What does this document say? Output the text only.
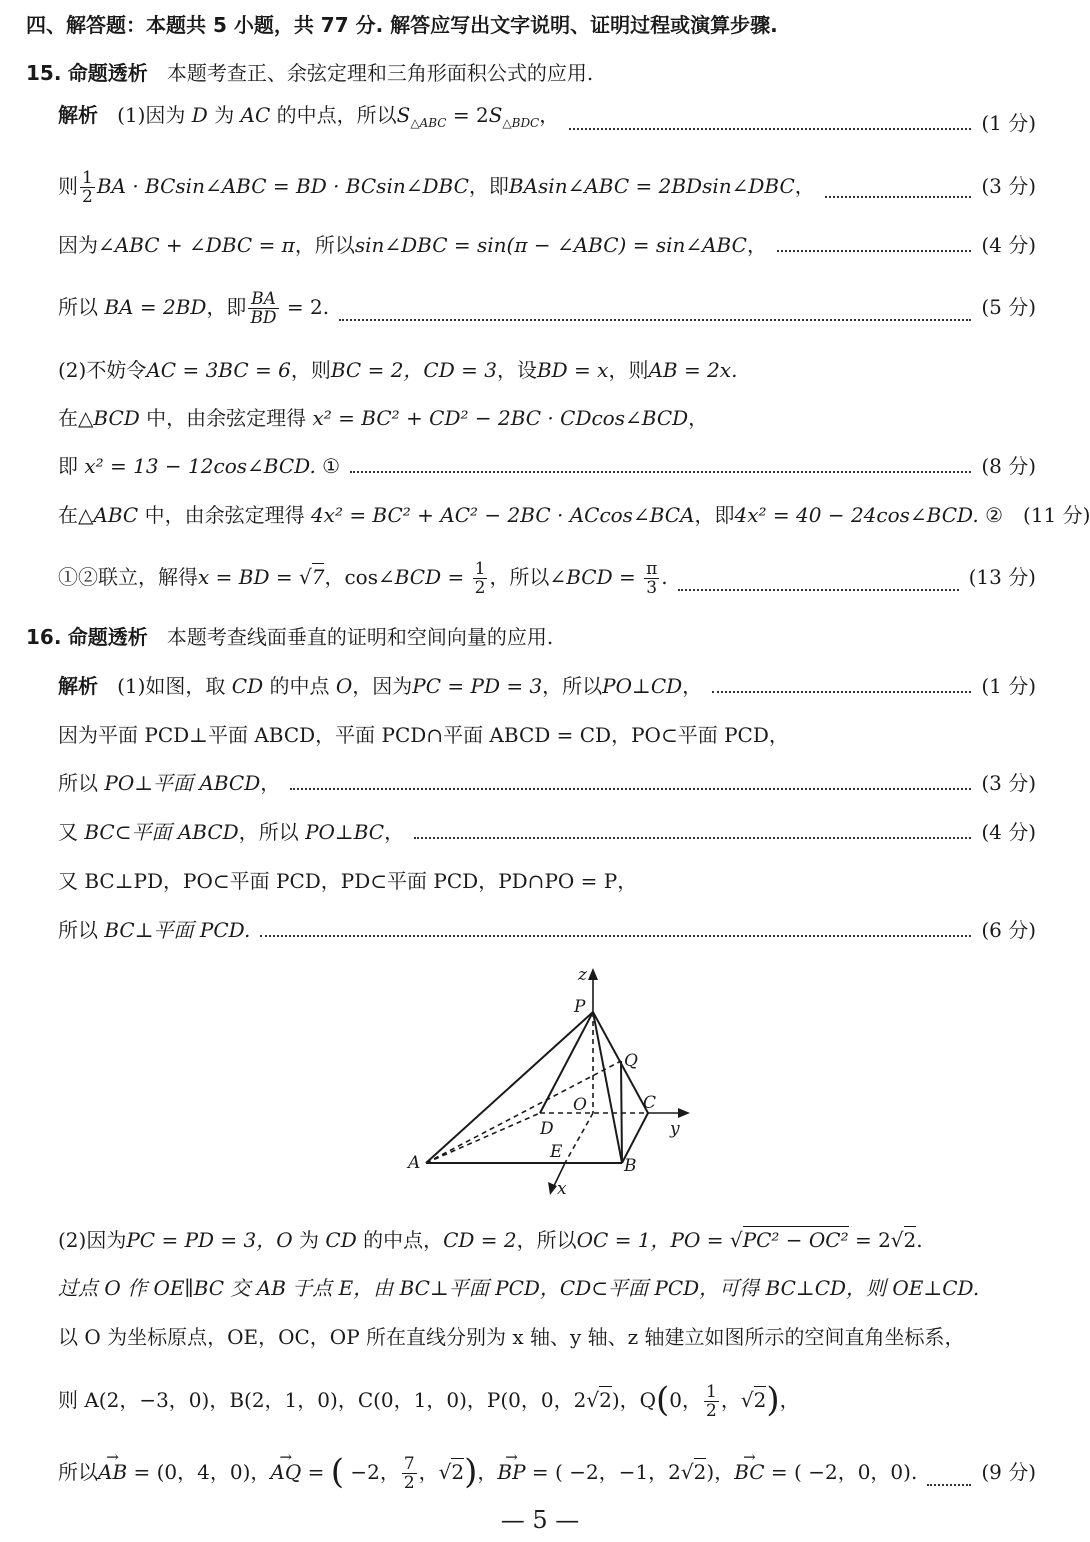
四、解答题：本题共 5 小题，共 77 分. 解答应写出文字说明、证明过程或演算步骤.
15. 命题透析 本题考查正、余弦定理和三角形面积公式的应用.
解析 (1)因为 D 为 AC 的中点，所以$S_{\triangle ABC} = 2S_{\triangle BDC}$，	(1 分)
则 $\frac{1}{2}$ BA · BCsin∠ABC = BD · BCsin∠DBC，即BAsin∠ABC = 2BDsin∠DBC，	(3 分)
因为∠ABC + ∠DBC = π，所以sin∠DBC = sin(π − ∠ABC) = sin∠ABC，	(4 分)
所以 BA = 2BD，即 $\frac{BA}{BD} = 2$.	(5 分)
(2)不妨令AC = 3BC = 6，则BC = 2，CD = 3，设BD = x，则AB = 2x.
在△BCD 中，由余弦定理得 x² = BC² + CD² − 2BC · CDcos∠BCD，
即 x² = 13 − 12cos∠BCD. ①	(8 分)
在△ABC 中，由余弦定理得 4x² = BC² + AC² − 2BC · ACcos∠BCA，即4x² = 40 − 24cos∠BCD. ② (11 分)
①②联立，解得x = BD = √7，cos∠BCD = $\frac{1}{2}$ ，所以∠BCD = $\frac{\pi}{3}$ .	(13 分)
16. 命题透析 本题考查线面垂直的证明和空间向量的应用.
解析 (1)如图，取 CD 的中点 O，因为PC = PD = 3，所以PO⊥CD，	(1 分)
因为平面 PCD⊥平面 ABCD，平面 PCD∩平面 ABCD = CD，PO⊂平面 PCD，
所以 PO⊥平面 ABCD，	(3 分)
又 BC⊂平面 ABCD，所以 PO⊥BC，	(4 分)
又 BC⊥PD，PO⊂平面 PCD，PD⊂平面 PCD，PD∩PO = P，
所以 BC⊥平面 PCD.	(6 分)
z
P
Q
O	C
y
D
E
A	B
x
(2)因为PC = PD = 3，O 为 CD 的中点，CD = 2，所以OC = 1，PO = √PC² − OC² = 2√2.
过点 O 作 OE∥BC 交 AB 于点 E，由 BC⊥平面 PCD，CD⊂平面 PCD，可得 BC⊥CD，则 OE⊥CD.
以 O 为坐标原点，OE，OC，OP 所在直线分别为 x 轴、y 轴、z 轴建立如图所示的空间直角坐标系，
则 A(2，−3，0)，B(2，1，0)，C(0，1，0)，P(0，0，2√2)，Q(0， $\frac{1}{2}$ ，√2)，
所以→ AB = (0，4，0)，→ AQ = ( −2， $\frac{7}{2}$ ，√2)，→ BP = ( −2，−1，2√2)，→ BC = ( −2，0，0).	(9 分)
— 5 —
